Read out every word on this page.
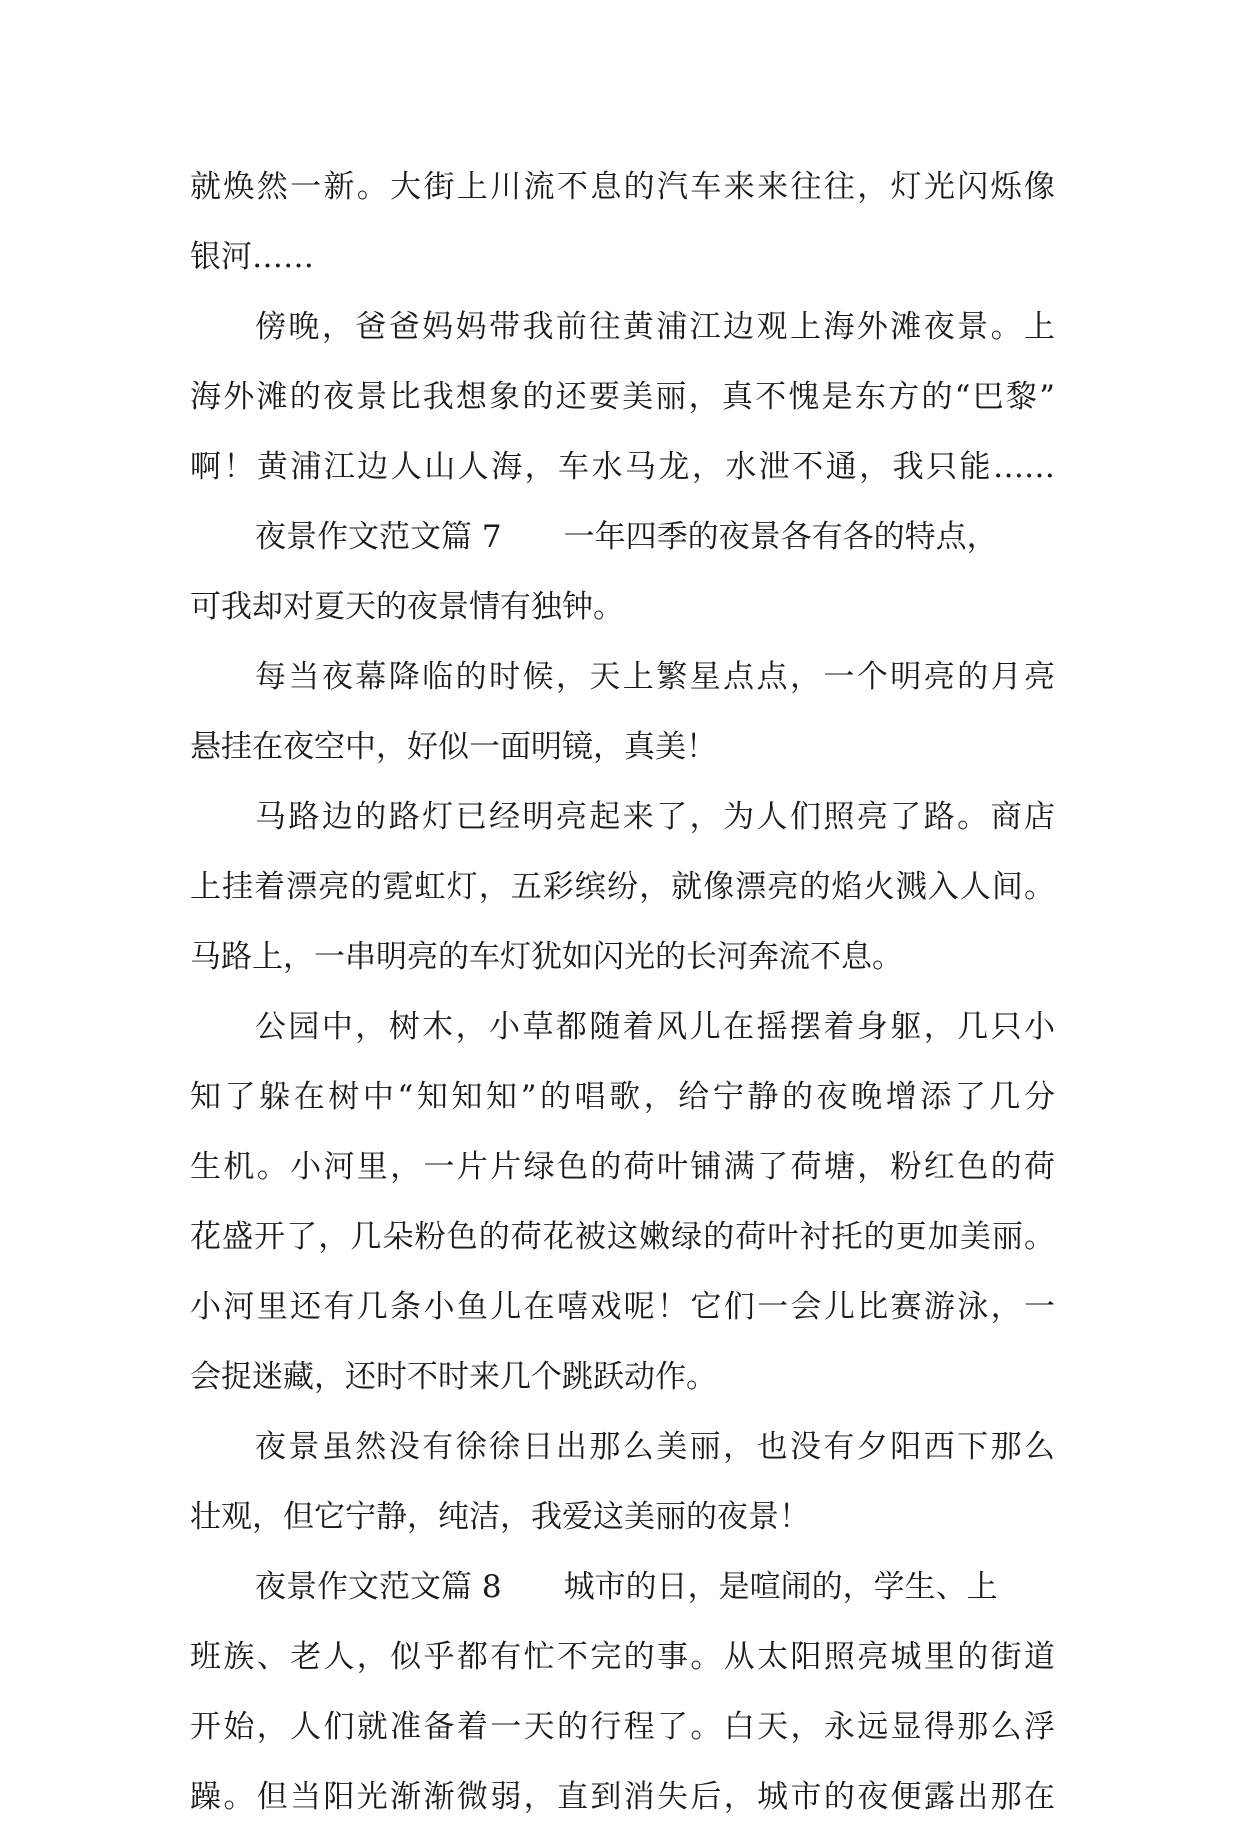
就焕然一新。大街上川流不息的汽车来来往往，灯光闪烁像
银河……
傍晚，爸爸妈妈带我前往黄浦江边观上海外滩夜景。上
海外滩的夜景比我想象的还要美丽，真不愧是东方的“巴黎”
啊！黄浦江边人山人海，车水马龙，水泄不通，我只能……
夜景作文范文篇 7 一年四季的夜景各有各的特点，
可我却对夏天的夜景情有独钟。
每当夜幕降临的时候，天上繁星点点，一个明亮的月亮
悬挂在夜空中，好似一面明镜，真美！
马路边的路灯已经明亮起来了，为人们照亮了路。商店
上挂着漂亮的霓虹灯，五彩缤纷，就像漂亮的焰火溅入人间。
马路上，一串明亮的车灯犹如闪光的长河奔流不息。
公园中，树木，小草都随着风儿在摇摆着身躯，几只小
知了躲在树中“知知知”的唱歌，给宁静的夜晚增添了几分
生机。小河里，一片片绿色的荷叶铺满了荷塘，粉红色的荷
花盛开了，几朵粉色的荷花被这嫩绿的荷叶衬托的更加美丽。
小河里还有几条小鱼儿在嘻戏呢！它们一会儿比赛游泳，一
会捉迷藏，还时不时来几个跳跃动作。
夜景虽然没有徐徐日出那么美丽，也没有夕阳西下那么
壮观，但它宁静，纯洁，我爱这美丽的夜景！
夜景作文范文篇 8 城市的日，是喧闹的，学生、上
班族、老人，似乎都有忙不完的事。从太阳照亮城里的街道
开始，人们就准备着一天的行程了。白天，永远显得那么浮
躁。但当阳光渐渐微弱，直到消失后，城市的夜便露出那在
